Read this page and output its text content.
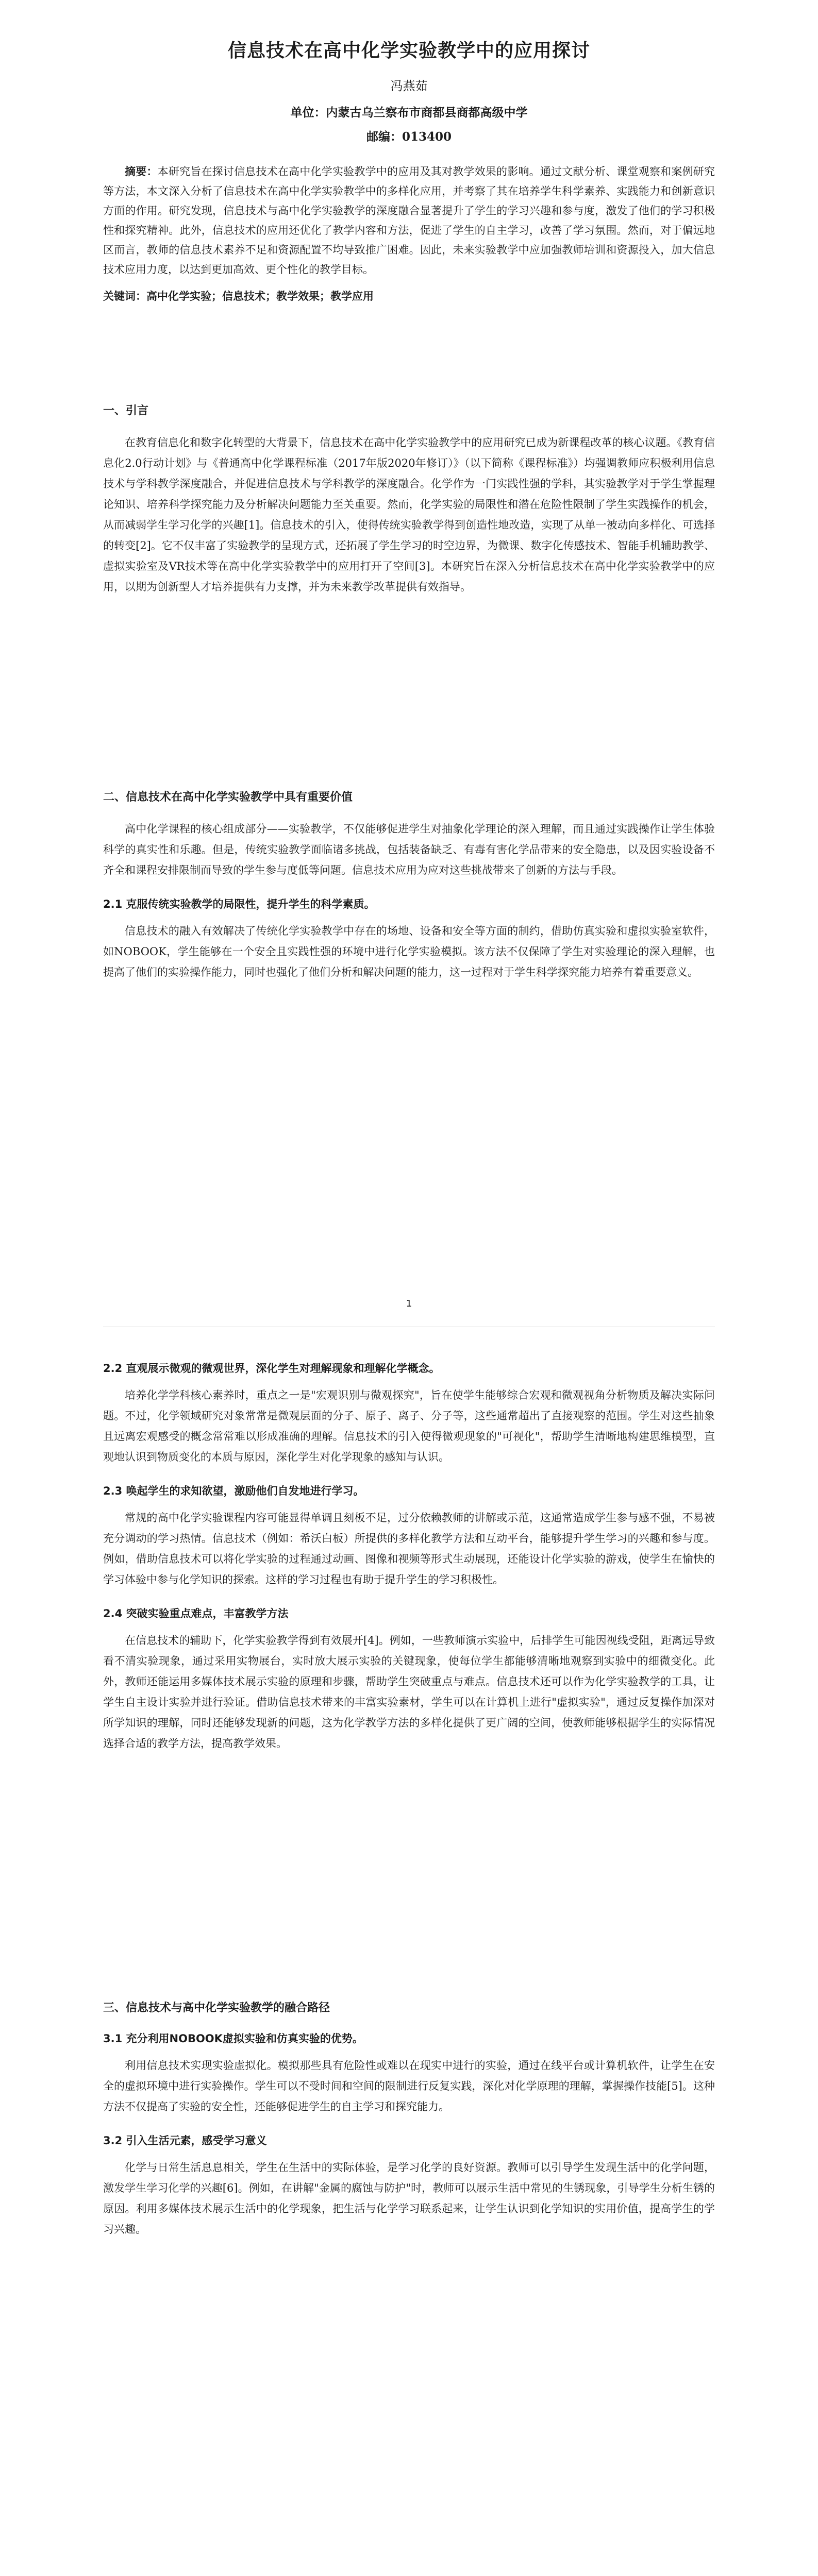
信息技术在高中化学实验教学中的应用探讨
冯燕茹
单位：内蒙古乌兰察布市商都县商都高级中学
邮编：013400

摘要：本研究旨在探讨信息技术在高中化学实验教学中的应用及其对教学效果的影响。通过文献分析、课堂观察和案例研究等方法，本文深入分析了信息技术在高中化学实验教学中的多样化应用，并考察了其在培养学生科学素养、实践能力和创新意识方面的作用。研究发现，信息技术与高中化学实验教学的深度融合显著提升了学生的学习兴趣和参与度，激发了他们的学习积极性和探究精神。此外，信息技术的应用还优化了教学内容和方法，促进了学生的自主学习，改善了学习氛围。然而，对于偏远地区而言，教师的信息技术素养不足和资源配置不均导致推广困难。因此，未来实验教学中应加强教师培训和资源投入，加大信息技术应用力度，以达到更加高效、更个性化的教学目标。

关键词：高中化学实验；信息技术；教学效果；教学应用
一、引言

在教育信息化和数字化转型的大背景下，信息技术在高中化学实验教学中的应用研究已成为新课程改革的核心议题。《教育信息化2.0行动计划》与《普通高中化学课程标准（2017年版2020年修订）》（以下简称《课程标准》）均强调教师应积极利用信息技术与学科教学深度融合，并促进信息技术与学科教学的深度融合。化学作为一门实践性强的学科，其实验教学对于学生掌握理论知识、培养科学探究能力及分析解决问题能力至关重要。然而，化学实验的局限性和潜在危险性限制了学生实践操作的机会，从而减弱学生学习化学的兴趣[1]。信息技术的引入，使得传统实验教学得到创造性地改造，实现了从单一被动向多样化、可选择的转变[2]。它不仅丰富了实验教学的呈现方式，还拓展了学生学习的时空边界，为微课、数字化传感技术、智能手机辅助教学、虚拟实验室及VR技术等在高中化学实验教学中的应用打开了空间[3]。本研究旨在深入分析信息技术在高中化学实验教学中的应用，以期为创新型人才培养提供有力支撑，并为未来教学改革提供有效指导。

二、信息技术在高中化学实验教学中具有重要价值

高中化学课程的核心组成部分——实验教学，不仅能够促进学生对抽象化学理论的深入理解，而且通过实践操作让学生体验科学的真实性和乐趣。但是，传统实验教学面临诸多挑战，包括装备缺乏、有毒有害化学品带来的安全隐患，以及因实验设备不齐全和课程安排限制而导致的学生参与度低等问题。信息技术应用为应对这些挑战带来了创新的方法与手段。

2.1 克服传统实验教学的局限性，提升学生的科学素质。

信息技术的融入有效解决了传统化学实验教学中存在的场地、设备和安全等方面的制约，借助仿真实验和虚拟实验室软件，如NOBOOK，学生能够在一个安全且实践性强的环境中进行化学实验模拟。该方法不仅保障了学生对实验理论的深入理解，也提高了他们的实验操作能力，同时也强化了他们分析和解决问题的能力，这一过程对于学生科学探究能力培养有着重要意义。

1
2.2 直观展示微观的微观世界，深化学生对理解现象和理解化学概念。

培养化学学科核心素养时，重点之一是"宏观识别与微观探究"，旨在使学生能够综合宏观和微观视角分析物质及解决实际问题。不过，化学领域研究对象常常是微观层面的分子、原子、离子、分子等，这些通常超出了直接观察的范围。学生对这些抽象且远离宏观感受的概念常常难以形成准确的理解。信息技术的引入使得微观现象的"可视化"，帮助学生清晰地构建思维模型，直观地认识到物质变化的本质与原因，深化学生对化学现象的感知与认识。

2.3 唤起学生的求知欲望，激励他们自发地进行学习。

常规的高中化学实验课程内容可能显得单调且刻板不足，过分依赖教师的讲解或示范，这通常造成学生参与感不强，不易被充分调动的学习热情。信息技术（例如：希沃白板）所提供的多样化教学方法和互动平台，能够提升学生学习的兴趣和参与度。例如，借助信息技术可以将化学实验的过程通过动画、图像和视频等形式生动展现，还能设计化学实验的游戏，使学生在愉快的学习体验中参与化学知识的探索。这样的学习过程也有助于提升学生的学习积极性。

2.4 突破实验重点难点，丰富教学方法

在信息技术的辅助下，化学实验教学得到有效展开[4]。例如，一些教师演示实验中，后排学生可能因视线受阻，距离远导致看不清实验现象，通过采用实物展台，实时放大展示实验的关键现象，使每位学生都能够清晰地观察到实验中的细微变化。此外，教师还能运用多媒体技术展示实验的原理和步骤，帮助学生突破重点与难点。信息技术还可以作为化学实验教学的工具，让学生自主设计实验并进行验证。借助信息技术带来的丰富实验素材，学生可以在计算机上进行"虚拟实验"，通过反复操作加深对所学知识的理解，同时还能够发现新的问题，这为化学教学方法的多样化提供了更广阔的空间，使教师能够根据学生的实际情况选择合适的教学方法，提高教学效果。

三、信息技术与高中化学实验教学的融合路径
3.1 充分利用NOBOOK虚拟实验和仿真实验的优势。

利用信息技术实现实验虚拟化。模拟那些具有危险性或难以在现实中进行的实验，通过在线平台或计算机软件，让学生在安全的虚拟环境中进行实验操作。学生可以不受时间和空间的限制进行反复实践，深化对化学原理的理解，掌握操作技能[5]。这种方法不仅提高了实验的安全性，还能够促进学生的自主学习和探究能力。

3.2 引入生活元素，感受学习意义

化学与日常生活息息相关，学生在生活中的实际体验，是学习化学的良好资源。教师可以引导学生发现生活中的化学问题，激发学生学习化学的兴趣[6]。例如，在讲解"金属的腐蚀与防护"时，教师可以展示生活中常见的生锈现象，引导学生分析生锈的原因。利用多媒体技术展示生活中的化学现象，把生活与化学学习联系起来，让学生认识到化学知识的实用价值，提高学生的学习兴趣。
